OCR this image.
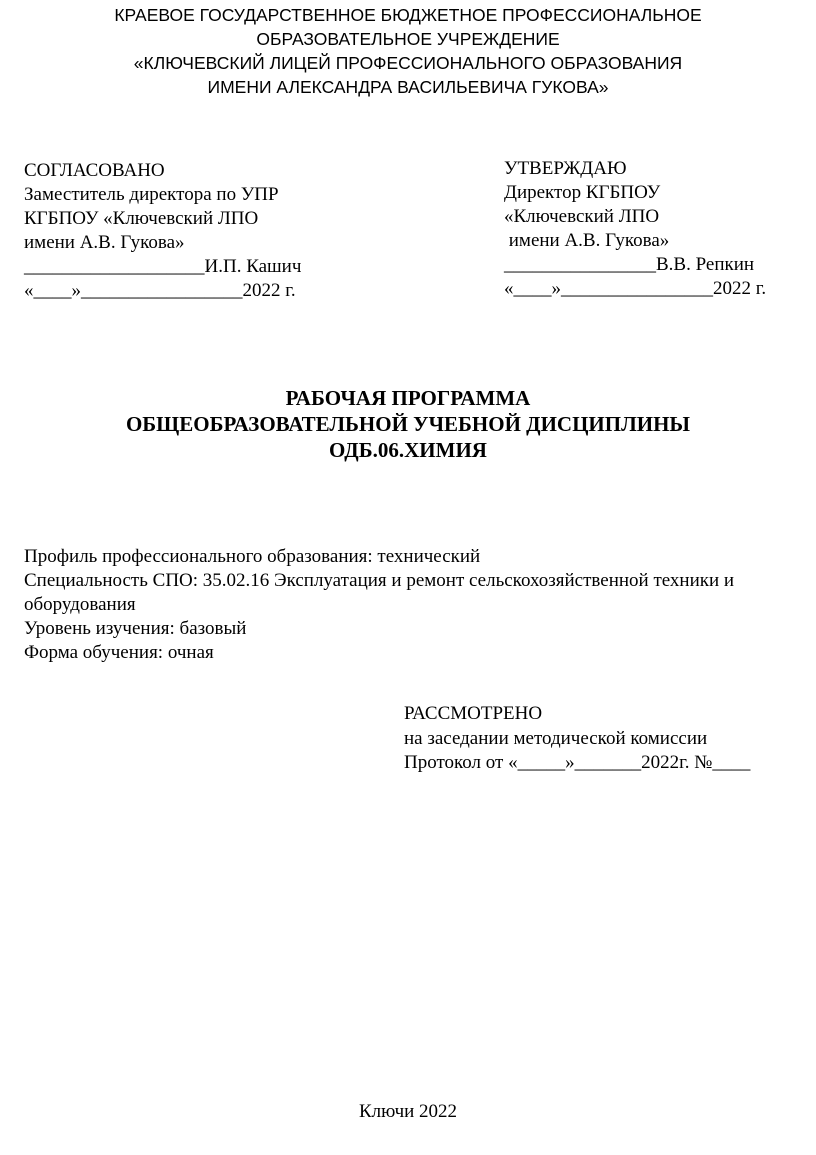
КРАЕВОЕ ГОСУДАРСТВЕННОЕ БЮДЖЕТНОЕ ПРОФЕССИОНАЛЬНОЕ
ОБРАЗОВАТЕЛЬНОЕ УЧРЕЖДЕНИЕ
«КЛЮЧЕВСКИЙ ЛИЦЕЙ ПРОФЕССИОНАЛЬНОГО ОБРАЗОВАНИЯ
ИМЕНИ АЛЕКСАНДРА ВАСИЛЬЕВИЧА ГУКОВА»
СОГЛАСОВАНО
Заместитель директора по УПР
КГБПОУ «Ключевский ЛПО
имени А.В. Гукова»
___________________И.П. Кашич
«____»_________________2022 г.
УТВЕРЖДАЮ
Директор КГБПОУ
«Ключевский ЛПО
имени А.В. Гукова»
________________В.В. Репкин
«____»________________2022 г.
РАБОЧАЯ ПРОГРАММА
ОБЩЕОБРАЗОВАТЕЛЬНОЙ УЧЕБНОЙ ДИСЦИПЛИНЫ
ОДБ.06.ХИМИЯ
Профиль профессионального образования: технический
Специальность СПО: 35.02.16 Эксплуатация и ремонт сельскохозяйственной техники и
оборудования
Уровень изучения: базовый
Форма обучения: очная
РАССМОТРЕНО
на заседании методической комиссии
Протокол от «_____»_______2022г. №____
Ключи 2022
